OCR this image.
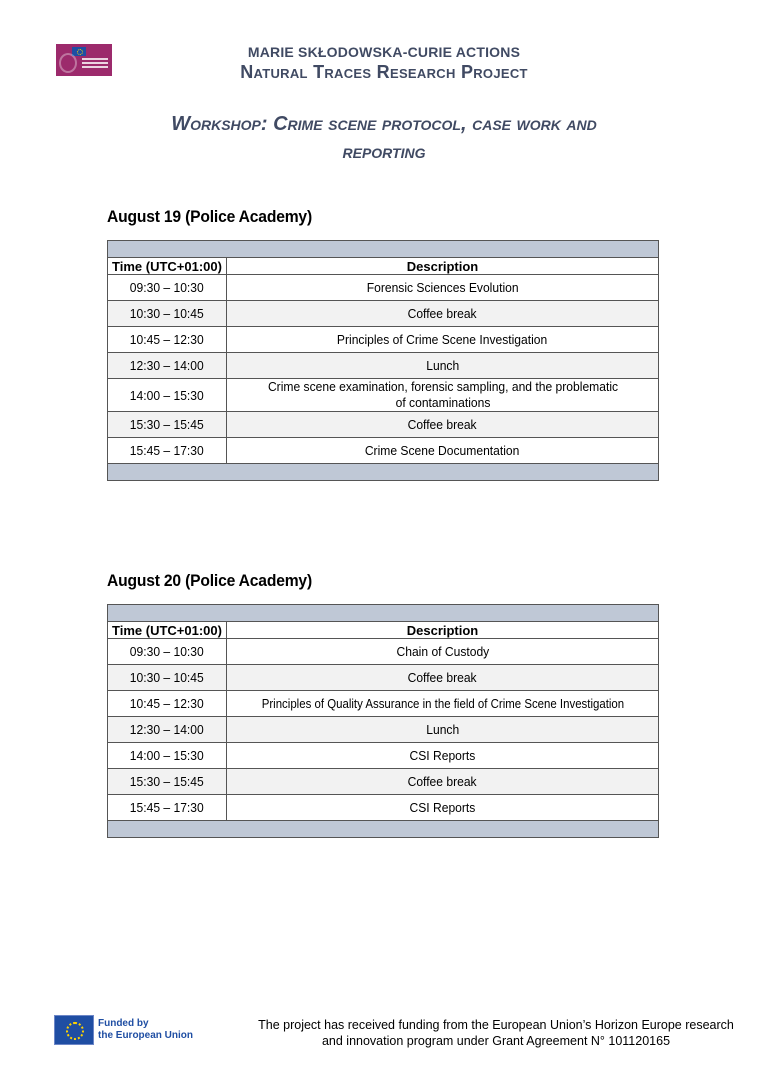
MARIE SKŁODOWSKA-CURIE ACTIONS
Natural Traces Research Project
Workshop: Crime scene protocol, case work and
reporting
August 19 (Police Academy)

Time (UTC+01:00)	Description
09:30 – 10:30	Forensic Sciences Evolution
10:30 – 10:45	Coffee break
10:45 – 12:30	Principles of Crime Scene Investigation
12:30 – 14:00	Lunch
14:00 – 15:30	Crime scene examination, forensic sampling, and the problematic of contaminations
15:30 – 15:45	Coffee break
15:45 – 17:30	Crime Scene Documentation

August 20 (Police Academy)

Time (UTC+01:00)	Description
09:30 – 10:30	Chain of Custody
10:30 – 10:45	Coffee break
10:45 – 12:30	Principles of Quality Assurance in the field of Crime Scene Investigation
12:30 – 14:00	Lunch
14:00 – 15:30	CSI Reports
15:30 – 15:45	Coffee break
15:45 – 17:30	CSI Reports

Funded by
the European Union
The project has received funding from the European Union’s Horizon Europe research
and innovation program under Grant Agreement N° 101120165
